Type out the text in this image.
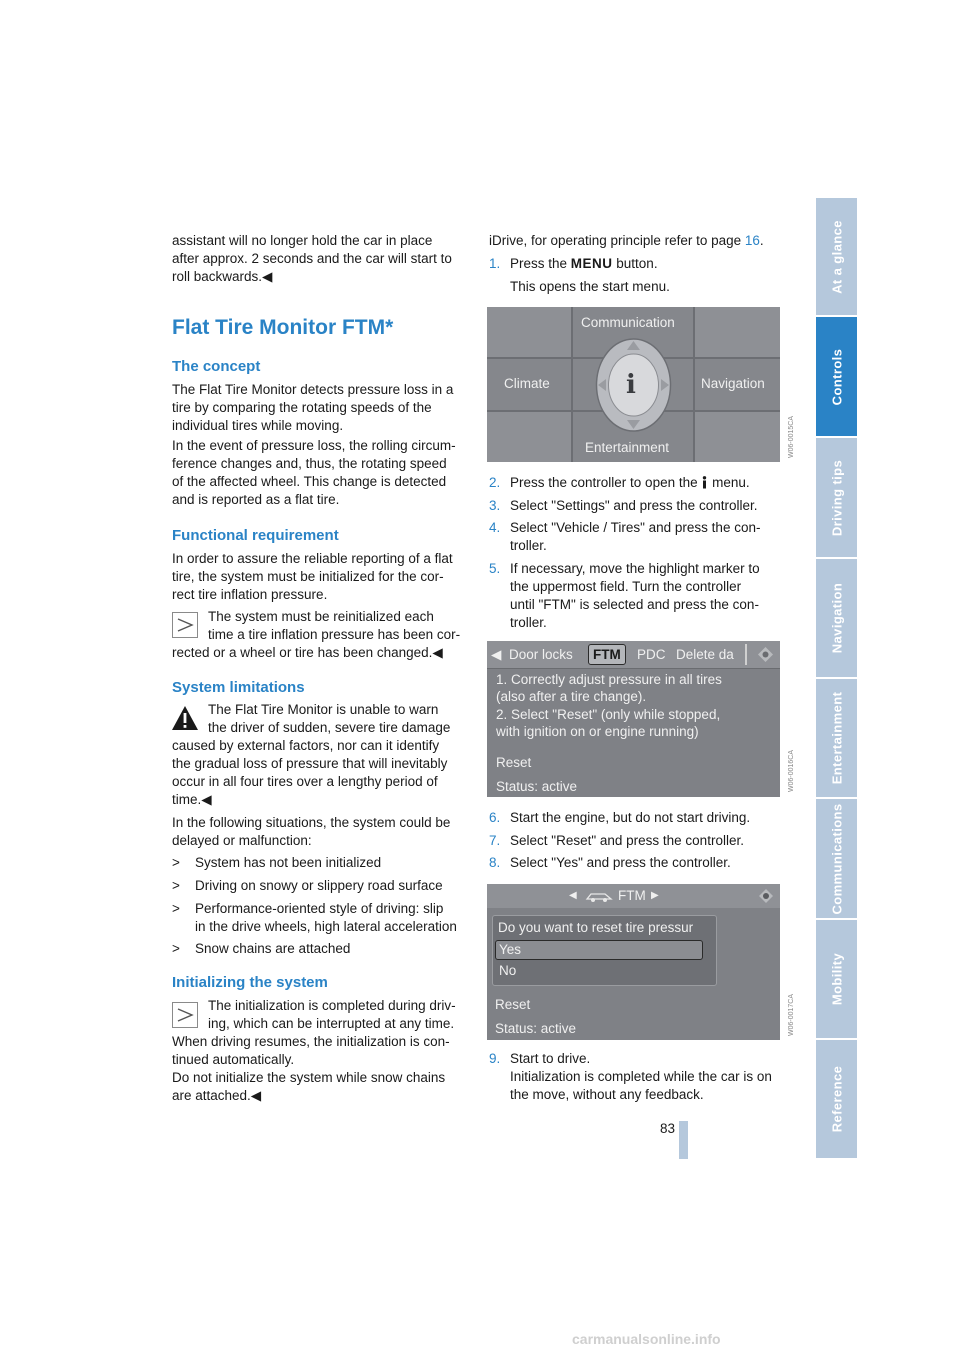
assistant will no longer hold the car in place

after approx. 2 seconds and the car will start to

roll backwards.◀

Flat Tire Monitor FTM*
The concept

The Flat Tire Monitor detects pressure loss in a

tire by comparing the rotating speeds of the

individual tires while moving.

In the event of pressure loss, the rolling circum-

ference changes and, thus, the rotating speed

of the affected wheel. This change is detected

and is reported as a flat tire.

Functional requirement

In order to assure the reliable reporting of a flat

tire, the system must be initialized for the cor-

rect tire inflation pressure.

The system must be reinitialized each

time a tire inflation pressure has been cor-

rected or a wheel or tire has been changed.◀

System limitations

The Flat Tire Monitor is unable to warn

the driver of sudden, severe tire damage

caused by external factors, nor can it identify

the gradual loss of pressure that will inevitably

occur in all four tires over a lengthy period of

time.◀

In the following situations, the system could be

delayed or malfunction:

> System has not been initialized
> Driving on snowy or slippery road surface
> Performance-oriented style of driving: slip

in the drive wheels, high lateral acceleration

> Snow chains are attached
Initializing the system

The initialization is completed during driv-

ing, which can be interrupted at any time.

When driving resumes, the initialization is con-

tinued automatically.

Do not initialize the system while snow chains

are attached.◀

iDrive, for operating principle refer to page 16.
1. Press the MENU button.

This opens the start menu.

i
Communication
Climate	Navigation
Entertainment	W06-0015CA
2. Press the controller to open the  menu.
3. Select "Settings" and press the controller.

4. Select "Vehicle / Tires" and press the con-

troller.

5. If necessary, move the highlight marker to

the uppermost field. Turn the controller

until "FTM" is selected and press the con-

troller.

◀ Door locks FTM PDC Delete da
1. Correctly adjust pressure in all tires
(also after a tire change).
2. Select "Reset" (only while stopped,
with ignition on or engine running)
Reset
Status: active	W06-0016CA
6. Start the engine, but do not start driving.

7. Select "Reset" and press the controller.

8. Select "Yes" and press the controller.

◀	FTM ▶
Do you want to reset tire pressur
Yes
No
Reset
Status: active	W06-0017CA
9. Start to drive.

Initialization is completed while the car is on

the move, without any feedback.

At a glance
Controls
Driving tips
Navigation
Entertainment
Communications
Mobility
Reference
83
carmanualsonline.info
